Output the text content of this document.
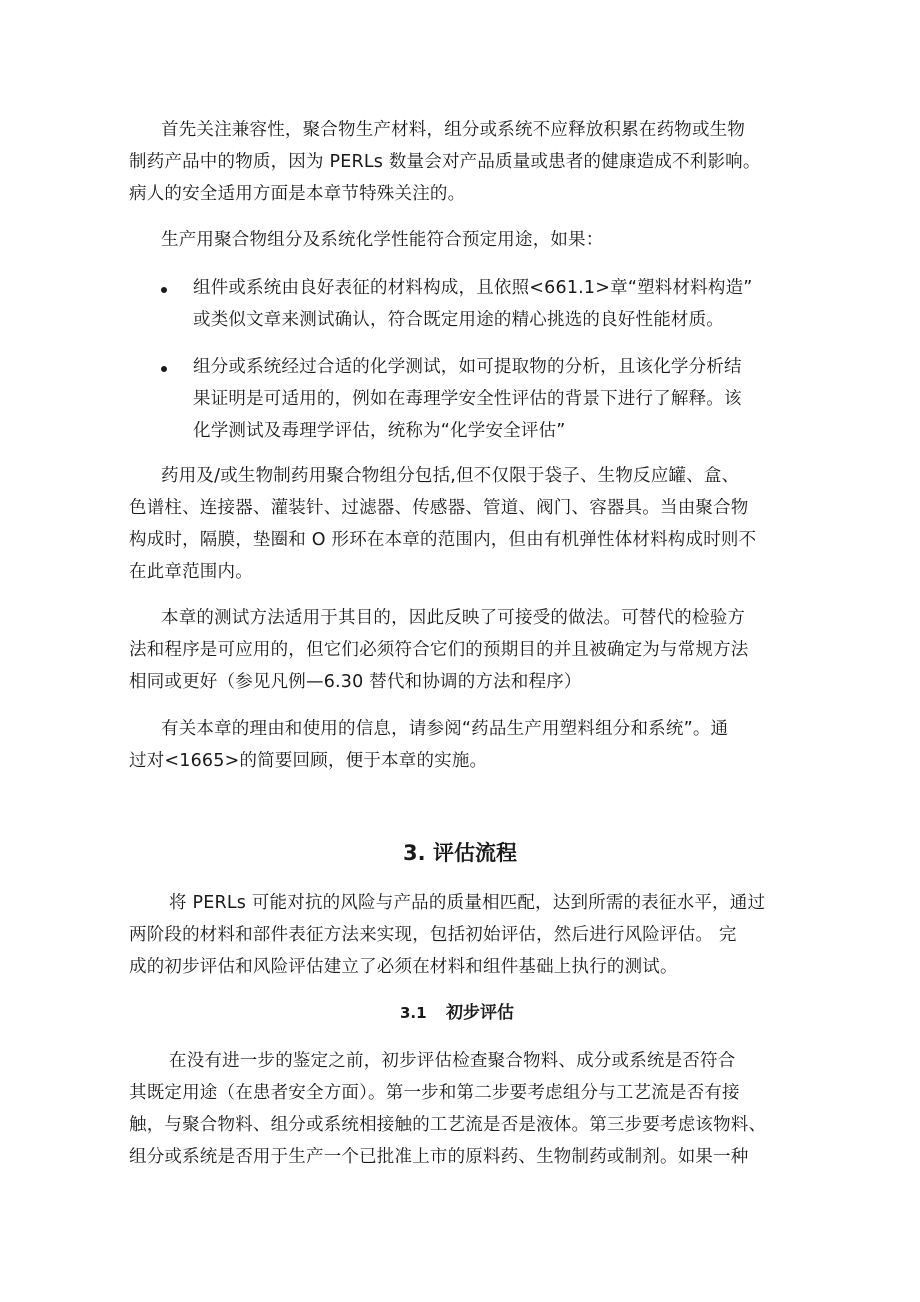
首先关注兼容性，聚合物生产材料，组分或系统不应释放积累在药物或生物
制药产品中的物质，因为 PERLs 数量会对产品质量或患者的健康造成不利影响。
病人的安全适用方面是本章节特殊关注的。
生产用聚合物组分及系统化学性能符合预定用途，如果：
组件或系统由良好表征的材料构成，且依照<661.1>章“塑料材料构造”
或类似文章来测试确认，符合既定用途的精心挑选的良好性能材质。
组分或系统经过合适的化学测试，如可提取物的分析，且该化学分析结
果证明是可适用的，例如在毒理学安全性评估的背景下进行了解释。该
化学测试及毒理学评估，统称为“化学安全评估”
药用及/或生物制药用聚合物组分包括,但不仅限于袋子、生物反应罐、盒、
色谱柱、连接器、灌装针、过滤器、传感器、管道、阀门、容器具。当由聚合物
构成时，隔膜，垫圈和 O 形环在本章的范围内，但由有机弹性体材料构成时则不
在此章范围内。
本章的测试方法适用于其目的，因此反映了可接受的做法。可替代的检验方
法和程序是可应用的，但它们必须符合它们的预期目的并且被确定为与常规方法
相同或更好（参见凡例—6.30 替代和协调的方法和程序）
有关本章的理由和使用的信息，请参阅“药品生产用塑料组分和系统”。通
过对<1665>的简要回顾，便于本章的实施。
3. 评估流程
将 PERLs 可能对抗的风险与产品的质量相匹配，达到所需的表征水平，通过
两阶段的材料和部件表征方法来实现，包括初始评估，然后进行风险评估。 完
成的初步评估和风险评估建立了必须在材料和组件基础上执行的测试。
3.1 初步评估
在没有进一步的鉴定之前，初步评估检查聚合物料、成分或系统是否符合
其既定用途（在患者安全方面）。第一步和第二步要考虑组分与工艺流是否有接
触，与聚合物料、组分或系统相接触的工艺流是否是液体。第三步要考虑该物料、
组分或系统是否用于生产一个已批准上市的原料药、生物制药或制剂。如果一种
